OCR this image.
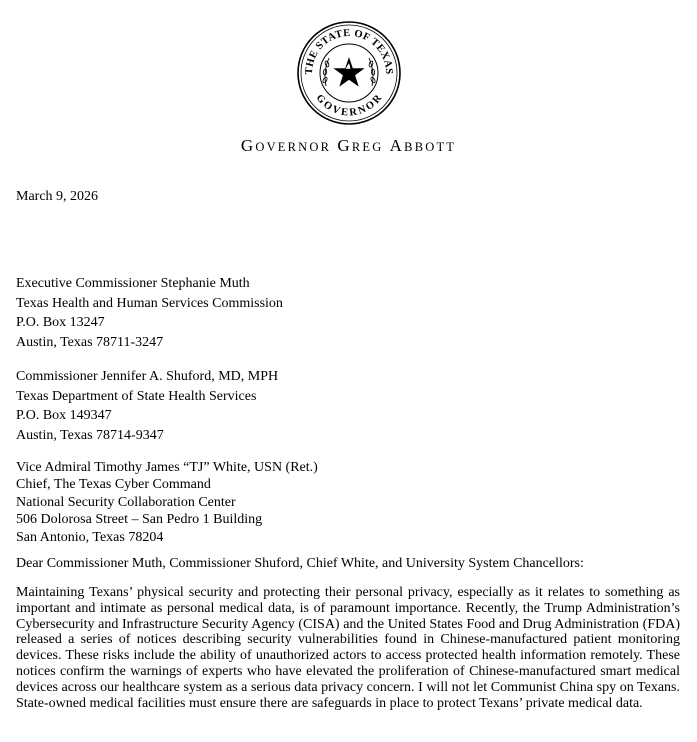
THE STATE OF TEXAS
GOVERNOR
GOVERNOR GREG ABBOTT
March 9, 2026
Executive Commissioner Stephanie Muth
Texas Health and Human Services Commission
P.O. Box 13247
Austin, Texas 78711-3247
Commissioner Jennifer A. Shuford, MD, MPH
Texas Department of State Health Services
P.O. Box 149347
Austin, Texas 78714-9347
Vice Admiral Timothy James “TJ” White, USN (Ret.)
Chief, The Texas Cyber Command
National Security Collaboration Center
506 Dolorosa Street – San Pedro 1 Building
San Antonio, Texas 78204
Dear Commissioner Muth, Commissioner Shuford, Chief White, and University System Chancellors:
Maintaining Texans’ physical security and protecting their personal privacy, especially as it relates to something as important and intimate as personal medical data, is of paramount importance. Recently, the Trump Administration’s Cybersecurity and Infrastructure Security Agency (CISA) and the United States Food and Drug Administration (FDA) released a series of notices describing security vulnerabilities found in Chinese-manufactured patient monitoring devices. These risks include the ability of unauthorized actors to access protected health information remotely. These notices confirm the warnings of experts who have elevated the proliferation of Chinese-manufactured smart medical devices across our healthcare system as a serious data privacy concern. I will not let Communist China spy on Texans. State-owned medical facilities must ensure there are safeguards in place to protect Texans’ private medical data.
